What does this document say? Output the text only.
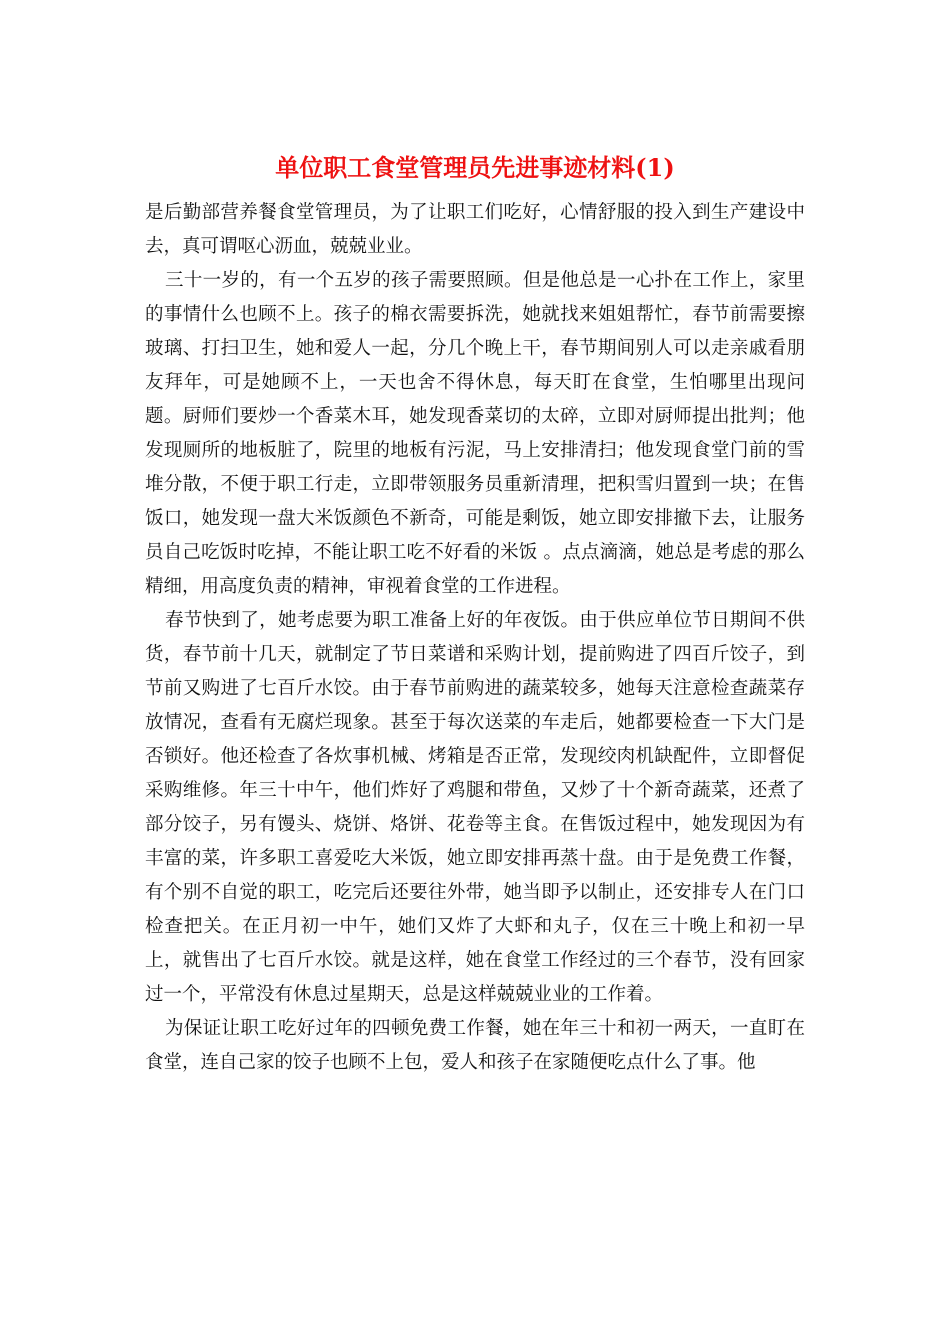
单位职工食堂管理员先进事迹材料(1)

是后勤部营养餐食堂管理员，为了让职工们吃好，心情舒服的投入到生产建设中去，真可谓呕心沥血，兢兢业业。

三十一岁的，有一个五岁的孩子需要照顾。但是他总是一心扑在工作上，家里的事情什么也顾不上。孩子的棉衣需要拆洗，她就找来姐姐帮忙，春节前需要擦玻璃、打扫卫生，她和爱人一起，分几个晚上干，春节期间别人可以走亲戚看朋友拜年，可是她顾不上，一天也舍不得休息，每天盯在食堂，生怕哪里出现问题。厨师们要炒一个香菜木耳，她发现香菜切的太碎，立即对厨师提出批判；他发现厕所的地板脏了，院里的地板有污泥，马上安排清扫；他发现食堂门前的雪堆分散，不便于职工行走，立即带领服务员重新清理，把积雪归置到一块；在售饭口，她发现一盘大米饭颜色不新奇，可能是剩饭，她立即安排撤下去，让服务员自己吃饭时吃掉，不能让职工吃不好看的米饭 。点点滴滴，她总是考虑的那么精细，用高度负责的精神，审视着食堂的工作进程。

春节快到了，她考虑要为职工准备上好的年夜饭。由于供应单位节日期间不供货，春节前十几天，就制定了节日菜谱和采购计划，提前购进了四百斤饺子，到节前又购进了七百斤水饺。由于春节前购进的蔬菜较多，她每天注意检查蔬菜存放情况，查看有无腐烂现象。甚至于每次送菜的车走后，她都要检查一下大门是否锁好。他还检查了各炊事机械、烤箱是否正常，发现绞肉机缺配件，立即督促采购维修。年三十中午，他们炸好了鸡腿和带鱼，又炒了十个新奇蔬菜，还煮了部分饺子，另有馒头、烧饼、烙饼、花卷等主食。在售饭过程中，她发现因为有丰富的菜，许多职工喜爱吃大米饭，她立即安排再蒸十盘。由于是免费工作餐，有个别不自觉的职工，吃完后还要往外带，她当即予以制止，还安排专人在门口检查把关。在正月初一中午，她们又炸了大虾和丸子，仅在三十晚上和初一早上，就售出了七百斤水饺。就是这样，她在食堂工作经过的三个春节，没有回家过一个，平常没有休息过星期天，总是这样兢兢业业的工作着。

为保证让职工吃好过年的四顿免费工作餐，她在年三十和初一两天，一直盯在食堂，连自己家的饺子也顾不上包，爱人和孩子在家随便吃点什么了事。他
